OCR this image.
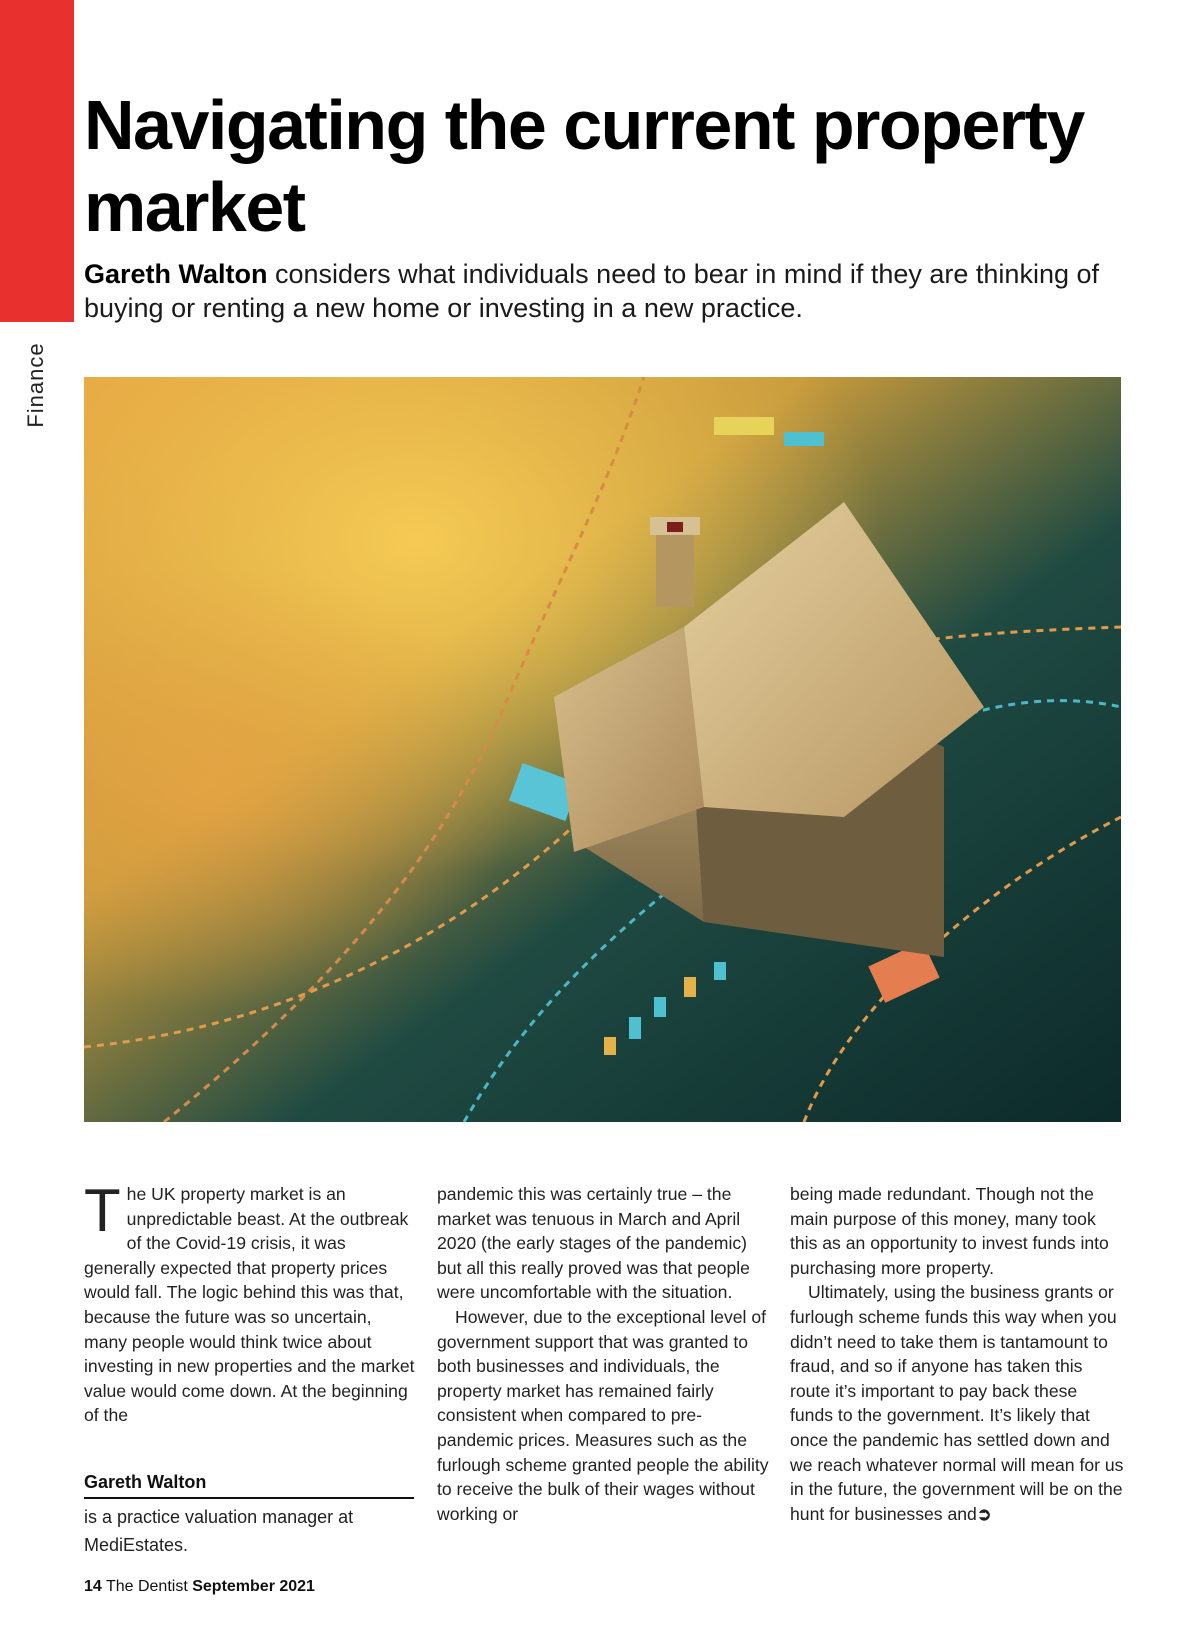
Finance
Navigating the current property market

Gareth Walton considers what individuals need to bear in mind if they are thinking of buying or renting a new home or investing in a new practice.

The UK property market is an unpredictable beast. At the outbreak of the Covid-19 crisis, it was generally expected that property prices would fall. The logic behind this was that, because the future was so uncertain, many people would think twice about investing in new properties and the market value would come down. At the beginning of the

pandemic this was certainly true – the market was tenuous in March and April 2020 (the early stages of the pandemic) but all this really proved was that people were uncomfortable with the situation.

However, due to the exceptional level of government support that was granted to both businesses and individuals, the property market has remained fairly consistent when compared to pre-pandemic prices. Measures such as the furlough scheme granted people the ability to receive the bulk of their wages without working or

being made redundant. Though not the main purpose of this money, many took this as an opportunity to invest funds into purchasing more property.

Ultimately, using the business grants or furlough scheme funds this way when you didn’t need to take them is tantamount to fraud, and so if anyone has taken this route it’s important to pay back these funds to the government. It’s likely that once the pandemic has settled down and we reach whatever normal will mean for us in the future, the government will be on the hunt for businesses and➲

Gareth Walton
is a practice valuation manager at MediEstates.
14 The Dentist September 2021
